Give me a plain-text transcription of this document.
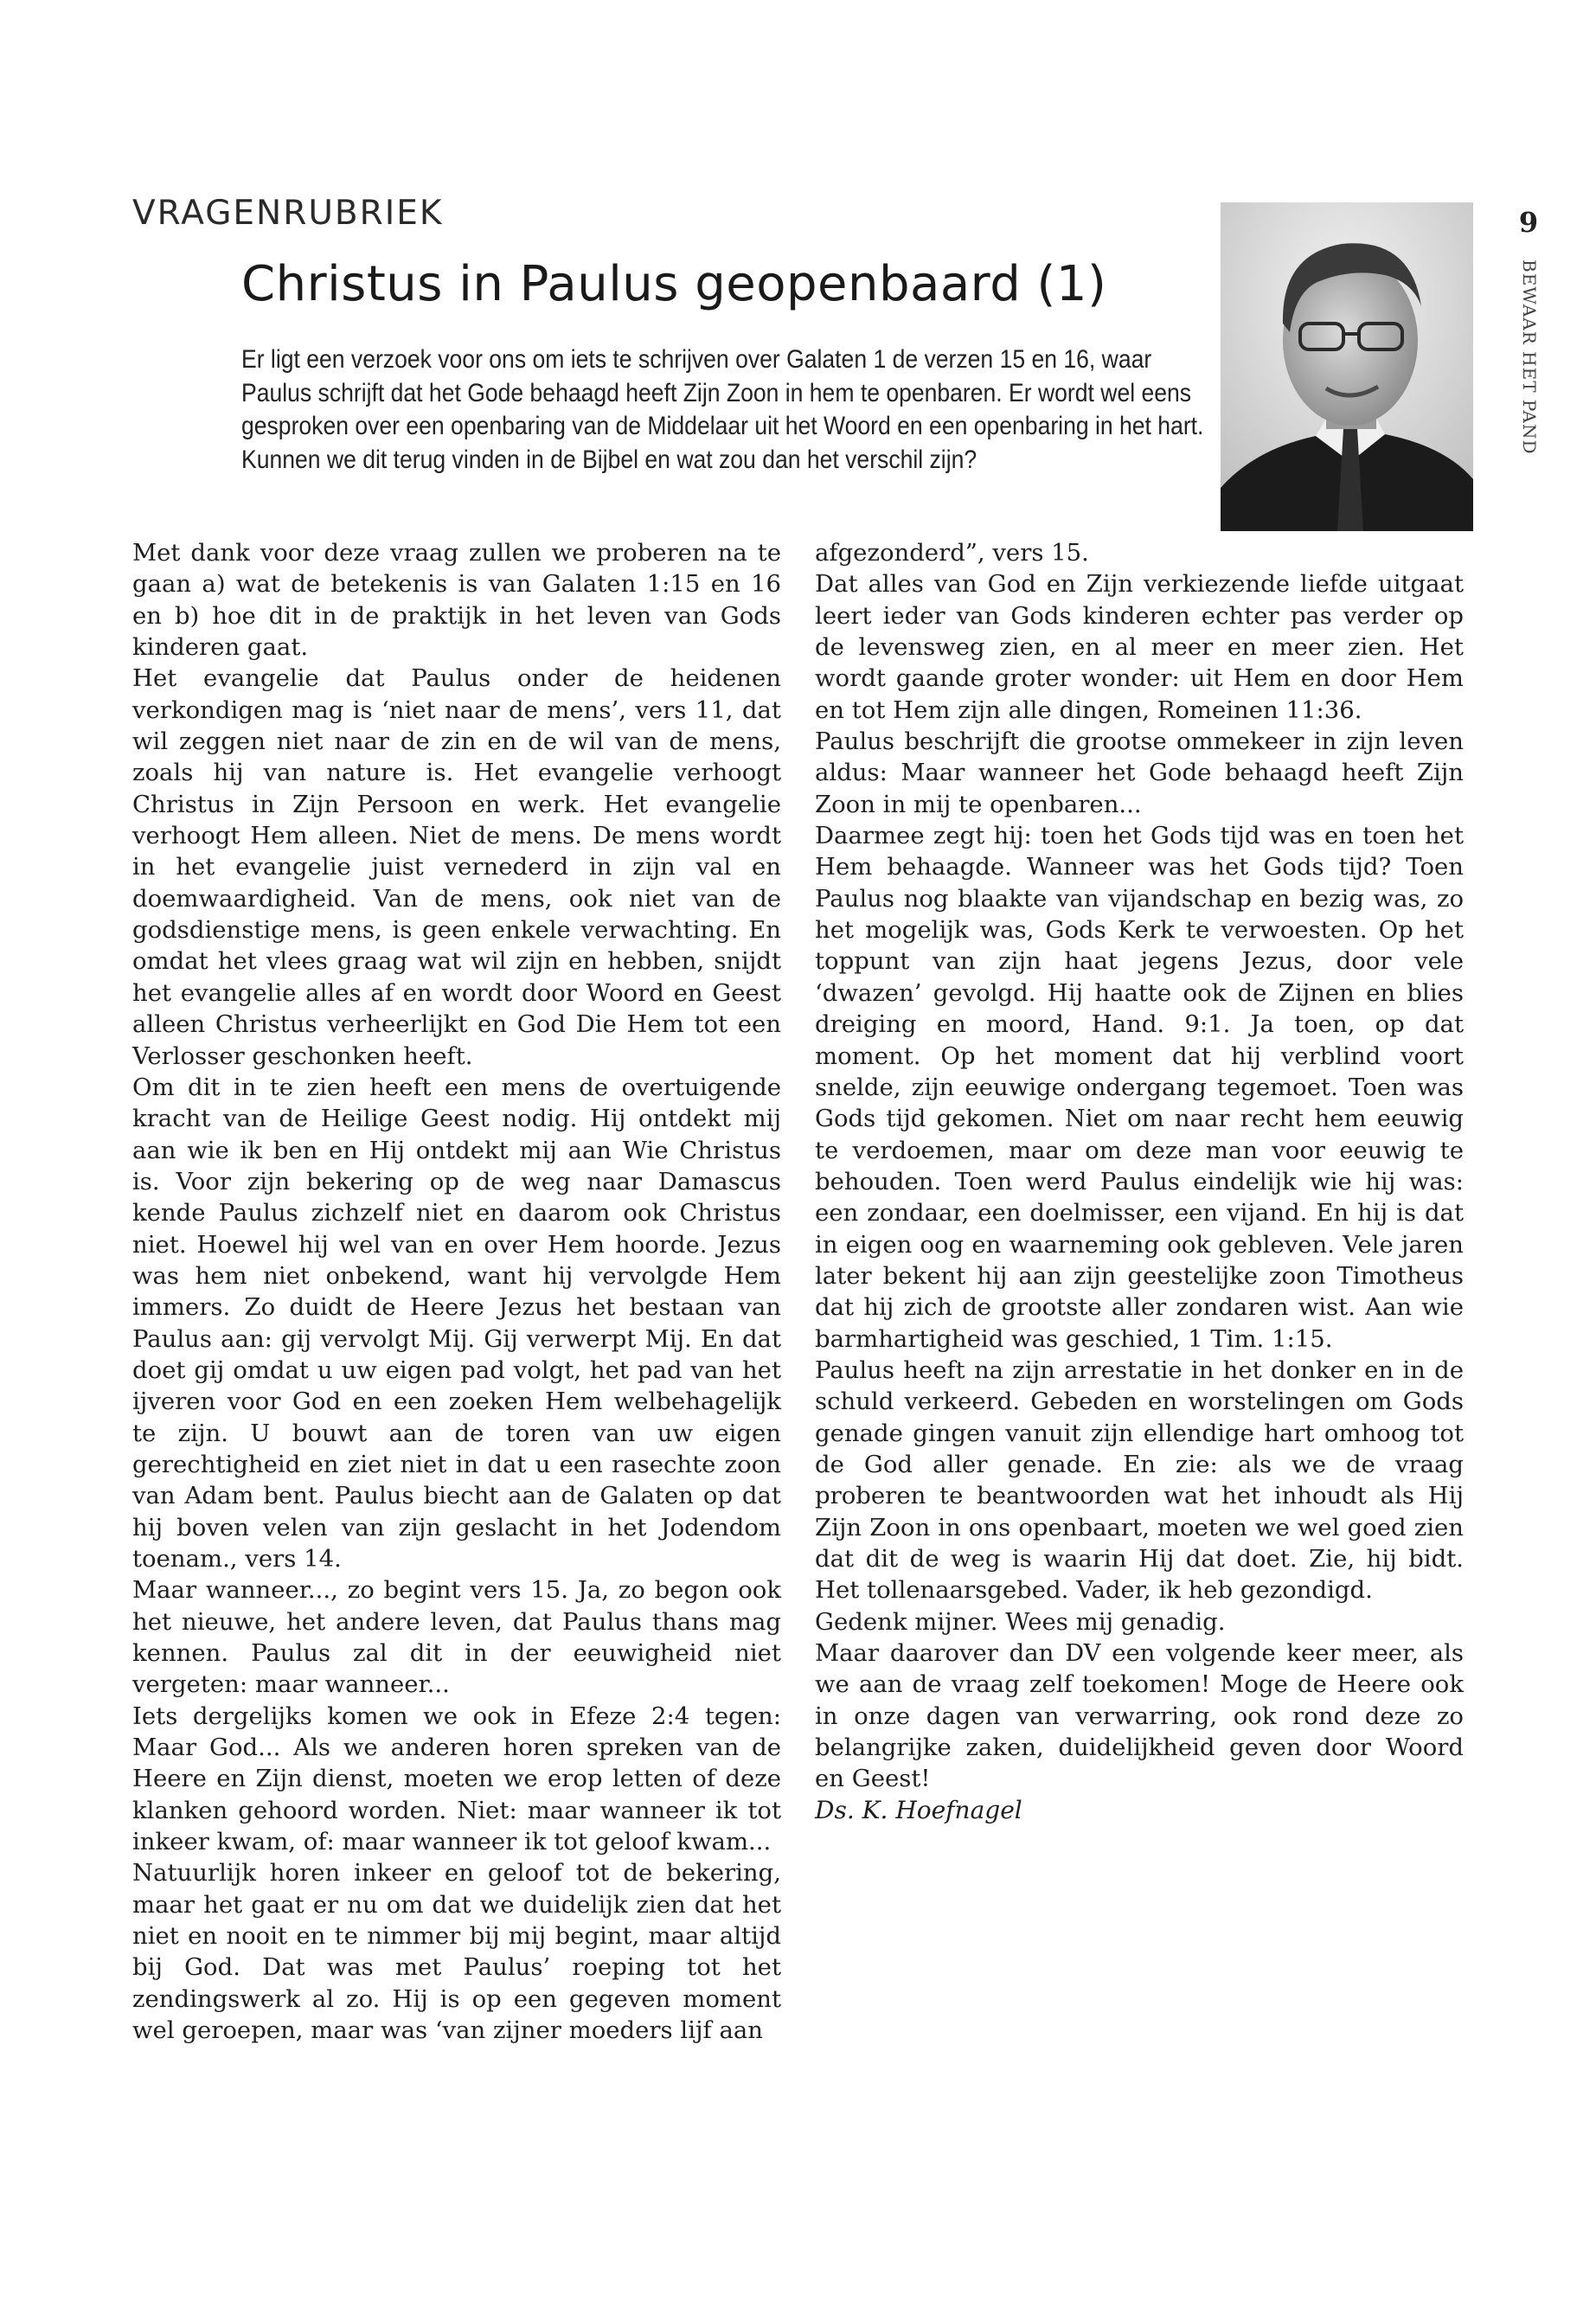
VRAGENRUBRIEK
Christus in Paulus geopenbaard (1)

Er ligt een verzoek voor ons om iets te schrijven over Galaten 1 de verzen 15 en 16, waar

Paulus schrijft dat het Gode behaagd heeft Zijn Zoon in hem te openbaren. Er wordt wel eens

gesproken over een openbaring van de Middelaar uit het Woord en een openbaring in het hart.

Kunnen we dit terug vinden in de Bijbel en wat zou dan het verschil zijn?

9
BEWAAR HET PAND

Met dank voor deze vraag zullen we proberen na te gaan a) wat de betekenis is van Galaten 1:15 en 16 en b) hoe dit in de praktijk in het leven van Gods kinderen gaat.

Het evangelie dat Paulus onder de heidenen verkondigen mag is ‘niet naar de mens’, vers 11, dat wil zeggen niet naar de zin en de wil van de mens, zoals hij van nature is. Het evangelie verhoogt Christus in Zijn Persoon en werk. Het evangelie verhoogt Hem alleen. Niet de mens. De mens wordt in het evangelie juist vernederd in zijn val en doemwaardigheid. Van de mens, ook niet van de godsdienstige mens, is geen enkele verwachting. En omdat het vlees graag wat wil zijn en hebben, snijdt het evangelie alles af en wordt door Woord en Geest alleen Christus verheerlijkt en God Die Hem tot een Verlosser geschonken heeft.

Om dit in te zien heeft een mens de overtuigende kracht van de Heilige Geest nodig. Hij ontdekt mij aan wie ik ben en Hij ontdekt mij aan Wie Christus is. Voor zijn bekering op de weg naar Damascus kende Paulus zichzelf niet en daarom ook Christus niet. Hoewel hij wel van en over Hem hoorde. Jezus was hem niet onbekend, want hij vervolgde Hem immers. Zo duidt de Heere Jezus het bestaan van Paulus aan: gij vervolgt Mij. Gij verwerpt Mij. En dat doet gij omdat u uw eigen pad volgt, het pad van het ijveren voor God en een zoeken Hem welbehagelijk te zijn. U bouwt aan de toren van uw eigen gerechtigheid en ziet niet in dat u een rasechte zoon van Adam bent. Paulus biecht aan de Galaten op dat hij boven velen van zijn geslacht in het Jodendom toenam., vers 14.

Maar wanneer..., zo begint vers 15. Ja, zo begon ook het nieuwe, het andere leven, dat Paulus thans mag kennen. Paulus zal dit in der eeuwigheid niet vergeten: maar wanneer...

Iets dergelijks komen we ook in Efeze 2:4 tegen: Maar God... Als we anderen horen spreken van de Heere en Zijn dienst, moeten we erop letten of deze klanken gehoord worden. Niet: maar wanneer ik tot inkeer kwam, of: maar wanneer ik tot geloof kwam...

Natuurlijk horen inkeer en geloof tot de bekering, maar het gaat er nu om dat we duidelijk zien dat het niet en nooit en te nimmer bij mij begint, maar altijd bij God. Dat was met Paulus’ roeping tot het zendingswerk al zo. Hij is op een gegeven moment wel geroepen, maar was ‘van zijner moeders lijf aan

afgezonderd”, vers 15.

Dat alles van God en Zijn verkiezende liefde uitgaat leert ieder van Gods kinderen echter pas verder op de levensweg zien, en al meer en meer zien. Het wordt gaande groter wonder: uit Hem en door Hem en tot Hem zijn alle dingen, Romeinen 11:36.

Paulus beschrijft die grootse ommekeer in zijn leven aldus: Maar wanneer het Gode behaagd heeft Zijn Zoon in mij te openbaren...

Daarmee zegt hij: toen het Gods tijd was en toen het Hem behaagde. Wanneer was het Gods tijd? Toen Paulus nog blaakte van vijandschap en bezig was, zo het mogelijk was, Gods Kerk te verwoesten. Op het toppunt van zijn haat jegens Jezus, door vele ‘dwazen’ gevolgd. Hij haatte ook de Zijnen en blies dreiging en moord, Hand. 9:1. Ja toen, op dat moment. Op het moment dat hij verblind voort snelde, zijn eeuwige ondergang tegemoet. Toen was Gods tijd gekomen. Niet om naar recht hem eeuwig te verdoemen, maar om deze man voor eeuwig te behouden. Toen werd Paulus eindelijk wie hij was: een zondaar, een doelmisser, een vijand. En hij is dat in eigen oog en waarneming ook gebleven. Vele jaren later bekent hij aan zijn geestelijke zoon Timotheus dat hij zich de grootste aller zondaren wist. Aan wie barmhartigheid was geschied, 1 Tim. 1:15.

Paulus heeft na zijn arrestatie in het donker en in de schuld verkeerd. Gebeden en worstelingen om Gods genade gingen vanuit zijn ellendige hart omhoog tot de God aller genade. En zie: als we de vraag proberen te beantwoorden wat het inhoudt als Hij Zijn Zoon in ons openbaart, moeten we wel goed zien dat dit de weg is waarin Hij dat doet. Zie, hij bidt. Het tollenaarsgebed. Vader, ik heb gezondigd.

Gedenk mijner. Wees mij genadig.

Maar daarover dan DV een volgende keer meer, als we aan de vraag zelf toekomen! Moge de Heere ook in onze dagen van verwarring, ook rond deze zo belangrijke zaken, duidelijkheid geven door Woord en Geest!

Ds. K. Hoefnagel
